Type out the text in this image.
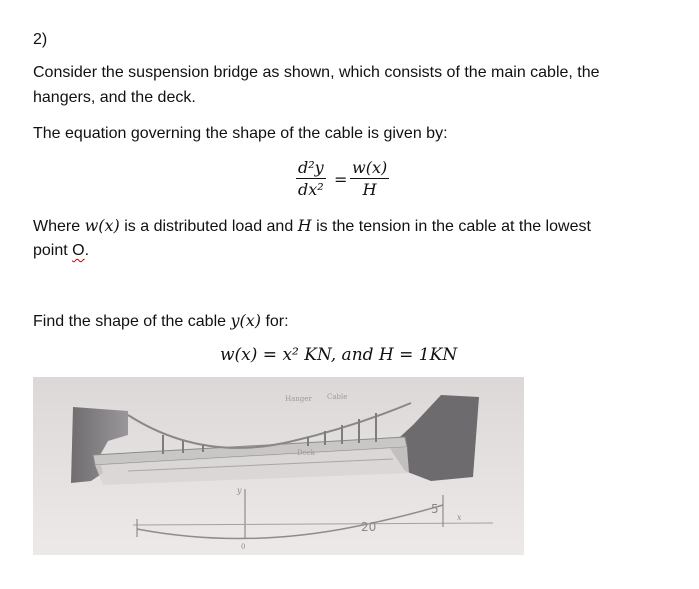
2)
Consider the suspension bridge as shown, which consists of the main cable, the
hangers, and the deck.
The equation governing the shape of the cable is given by:
$\frac{\text{d²y}}{\text{dx²}} = \frac{w(x)}{H}$
Where w(x) is a distributed load and H is the tension in the cable at the lowest
point O.
Find the shape of the cable y(x) for:
w(x) = x² KN, and H = 1KN
Hanger Cable
Deck
y
x
0
20
5
